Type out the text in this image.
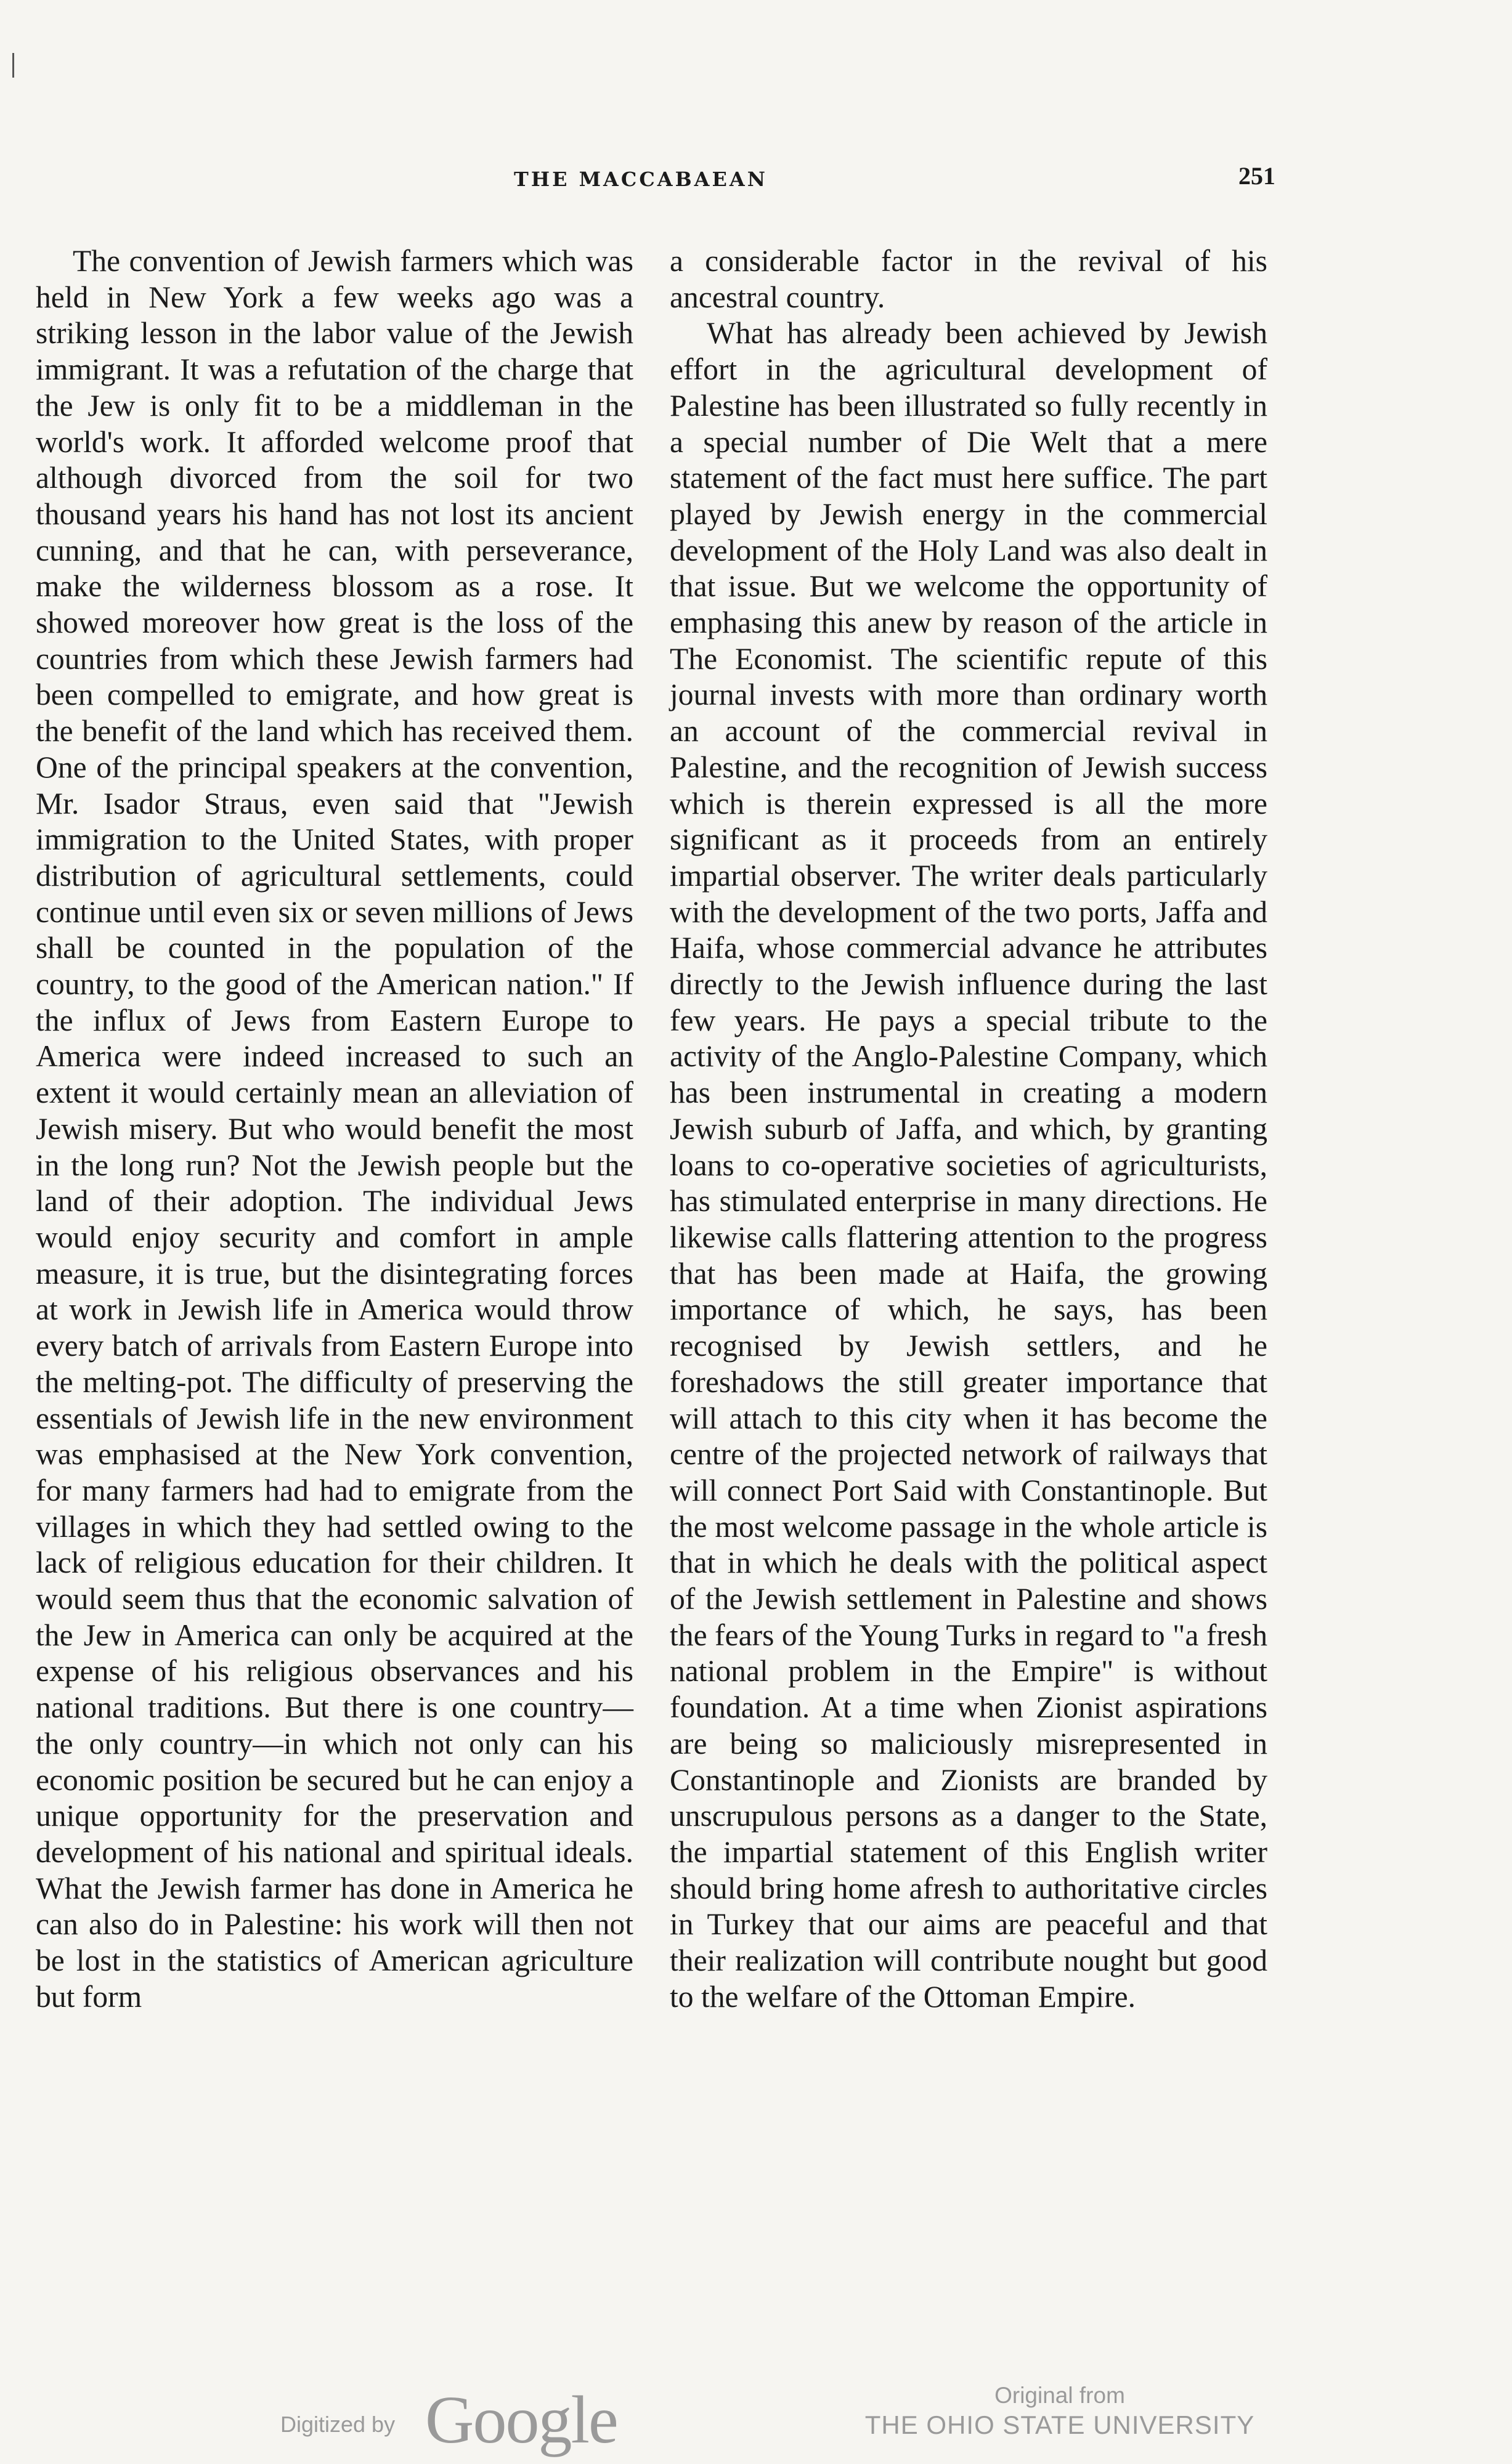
THE MACCABAEAN	251

The convention of Jewish farmers which was held in New York a few weeks ago was a striking lesson in the labor value of the Jewish immigrant. It was a refutation of the charge that the Jew is only fit to be a middleman in the world's work. It afforded welcome proof that although divorced from the soil for two thousand years his hand has not lost its ancient cunning, and that he can, with perseverance, make the wilderness blossom as a rose. It showed moreover how great is the loss of the countries from which these Jewish farmers had been compelled to emigrate, and how great is the benefit of the land which has received them. One of the principal speakers at the convention, Mr. Isador Straus, even said that "Jewish immigration to the United States, with proper distribution of agricultural settlements, could continue until even six or seven millions of Jews shall be counted in the population of the country, to the good of the American nation." If the influx of Jews from Eastern Europe to America were indeed increased to such an extent it would certainly mean an alleviation of Jewish misery. But who would benefit the most in the long run? Not the Jewish people but the land of their adoption. The individual Jews would enjoy security and comfort in ample measure, it is true, but the disintegrating forces at work in Jewish life in America would throw every batch of arrivals from Eastern Europe into the melting-pot. The difficulty of preserving the essentials of Jewish life in the new environment was emphasised at the New York convention, for many farmers had had to emigrate from the villages in which they had settled owing to the lack of religious education for their children. It would seem thus that the economic salvation of the Jew in America can only be acquired at the expense of his religious observances and his national traditions. But there is one country—the only country—in which not only can his economic position be secured but he can enjoy a unique opportunity for the preservation and development of his national and spiritual ideals. What the Jewish farmer has done in America he can also do in Palestine: his work will then not be lost in the statistics of American agriculture but form

a considerable factor in the revival of his ancestral country.

What has already been achieved by Jewish effort in the agricultural development of Palestine has been illustrated so fully recently in a special number of Die Welt that a mere statement of the fact must here suffice. The part played by Jewish energy in the commercial development of the Holy Land was also dealt in that issue. But we welcome the opportunity of emphasing this anew by reason of the article in The Economist. The scientific repute of this journal invests with more than ordinary worth an account of the commercial revival in Palestine, and the recognition of Jewish success which is therein expressed is all the more significant as it proceeds from an entirely impartial observer. The writer deals particularly with the development of the two ports, Jaffa and Haifa, whose commercial advance he attributes directly to the Jewish influence during the last few years. He pays a special tribute to the activity of the Anglo-Palestine Company, which has been instrumental in creating a modern Jewish suburb of Jaffa, and which, by granting loans to co-operative societies of agriculturists, has stimulated enterprise in many directions. He likewise calls flattering attention to the progress that has been made at Haifa, the growing importance of which, he says, has been recognised by Jewish settlers, and he foreshadows the still greater importance that will attach to this city when it has become the centre of the projected network of railways that will connect Port Said with Constantinople. But the most welcome passage in the whole article is that in which he deals with the political aspect of the Jewish settlement in Palestine and shows the fears of the Young Turks in regard to "a fresh national problem in the Empire" is without foundation. At a time when Zionist aspirations are being so maliciously misrepresented in Constantinople and Zionists are branded by unscrupulous persons as a danger to the State, the impartial statement of this English writer should bring home afresh to authoritative circles in Turkey that our aims are peaceful and that their realization will contribute nought but good to the welfare of the Ottoman Empire.

Digitized by Google	Original from
THE OHIO STATE UNIVERSITY
